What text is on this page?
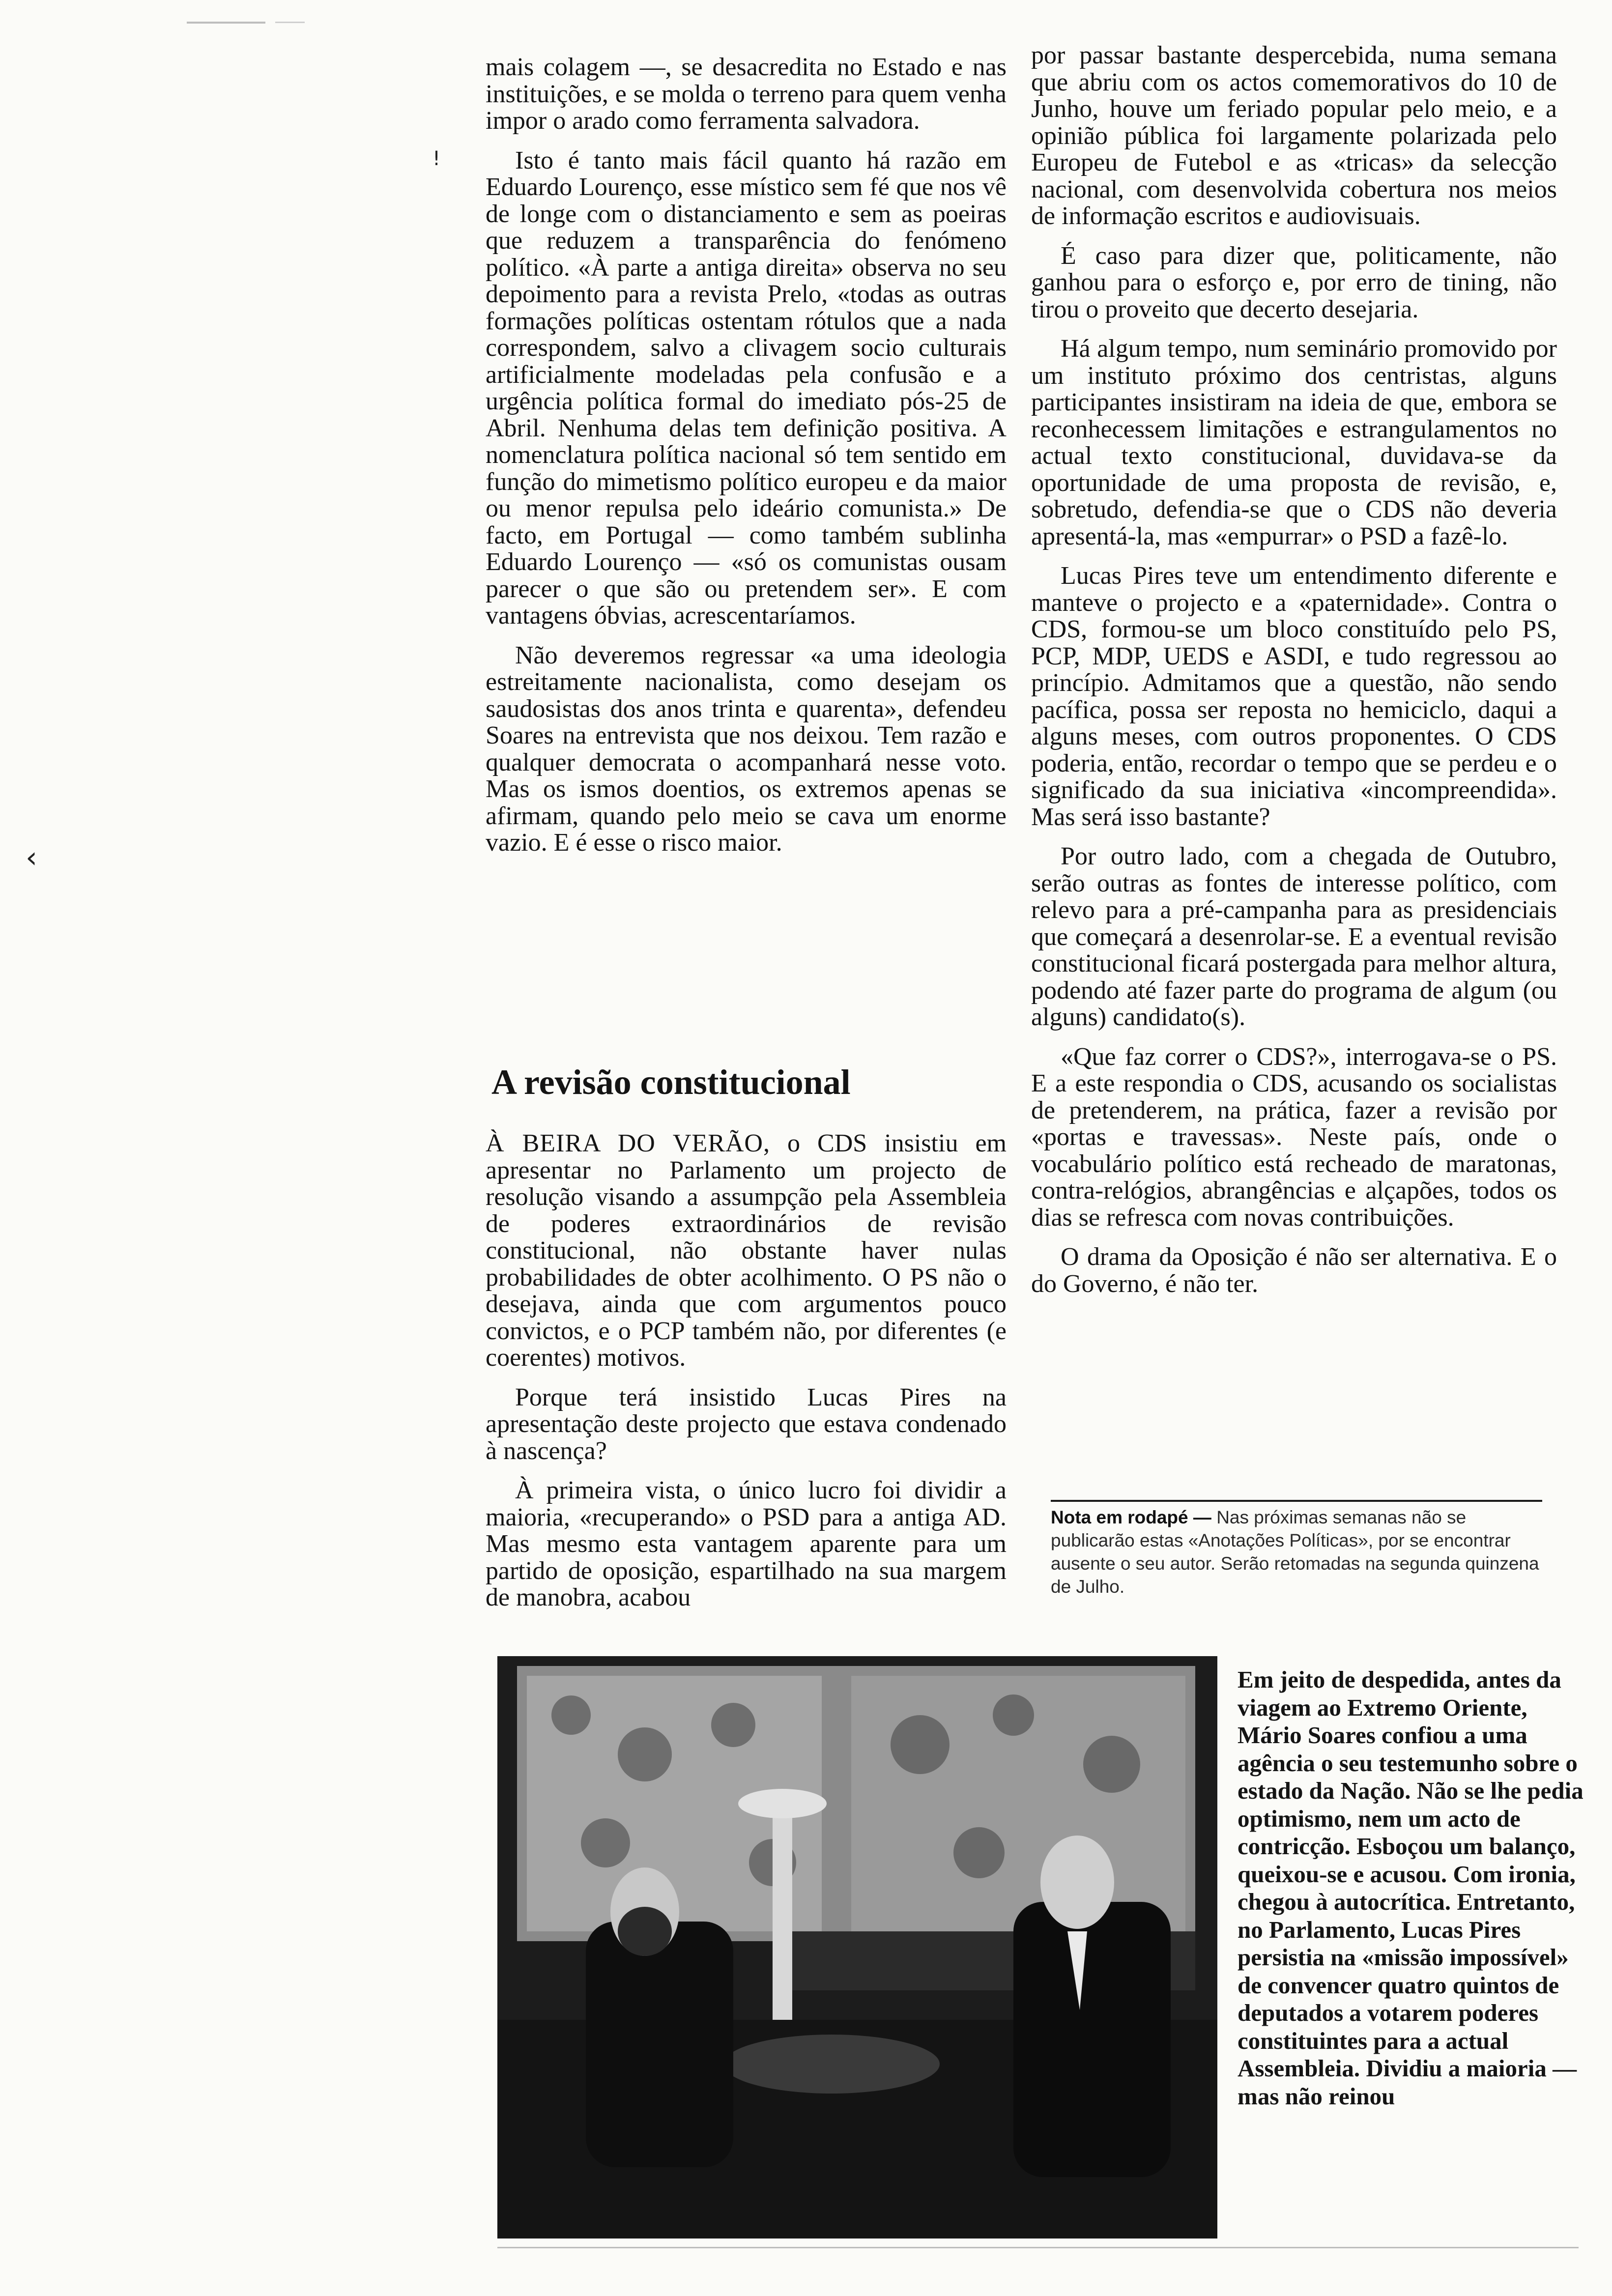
‹
!

mais colagem —, se desacredita no Estado e nas instituições, e se molda o terreno para quem venha impor o arado como ferramenta salvadora.

Isto é tanto mais fácil quanto há razão em Eduardo Lourenço, esse místico sem fé que nos vê de longe com o distanciamento e sem as poeiras que reduzem a transparência do fenómeno político. «À parte a antiga direita» observa no seu depoimento para a revista Prelo, «todas as outras formações políticas ostentam rótulos que a nada correspondem, salvo a clivagem socio culturais artificialmente modeladas pela confusão e a urgência política formal do imediato pós-25 de Abril. Nenhuma delas tem definição positiva. A nomenclatura política nacional só tem sentido em função do mimetismo político europeu e da maior ou menor repulsa pelo ideário comunista.» De facto, em Portugal — como também sublinha Eduardo Lourenço — «só os comunistas ousam parecer o que são ou pretendem ser». E com vantagens óbvias, acrescentaríamos.

Não deveremos regressar «a uma ideologia estreitamente nacionalista, como desejam os saudosistas dos anos trinta e quarenta», defendeu Soares na entrevista que nos deixou. Tem razão e qualquer democrata o acompanhará nesse voto. Mas os ismos doentios, os extremos apenas se afirmam, quando pelo meio se cava um enorme vazio. E é esse o risco maior.

A revisão constitucional

À BEIRA DO VERÃO, o CDS insistiu em apresentar no Parlamento um projecto de resolução visando a assumpção pela Assembleia de poderes extraordinários de revisão constitucional, não obstante haver nulas probabilidades de obter acolhimento. O PS não o desejava, ainda que com argumentos pouco convictos, e o PCP também não, por diferentes (e coerentes) motivos.

Porque terá insistido Lucas Pires na apresentação deste projecto que estava condenado à nascença?

À primeira vista, o único lucro foi dividir a maioria, «recuperando» o PSD para a antiga AD. Mas mesmo esta vantagem aparente para um partido de oposição, espartilhado na sua margem de manobra, acabou

por passar bastante despercebida, numa semana que abriu com os actos comemorativos do 10 de Junho, houve um feriado popular pelo meio, e a opinião pública foi largamente polarizada pelo Europeu de Futebol e as «tricas» da selecção nacional, com desenvolvida cobertura nos meios de informação escritos e audiovisuais.

É caso para dizer que, politicamente, não ganhou para o esforço e, por erro de tining, não tirou o proveito que decerto desejaria.

Há algum tempo, num seminário promovido por um instituto próximo dos centristas, alguns participantes insistiram na ideia de que, embora se reconhecessem limitações e estrangulamentos no actual texto constitucional, duvidava-se da oportunidade de uma proposta de revisão, e, sobretudo, defendia-se que o CDS não deveria apresentá-la, mas «empurrar» o PSD a fazê-lo.

Lucas Pires teve um entendimento diferente e manteve o projecto e a «paternidade». Contra o CDS, formou-se um bloco constituído pelo PS, PCP, MDP, UEDS e ASDI, e tudo regressou ao princípio. Admitamos que a questão, não sendo pacífica, possa ser reposta no hemiciclo, daqui a alguns meses, com outros proponentes. O CDS poderia, então, recordar o tempo que se perdeu e o significado da sua iniciativa «incompreendida». Mas será isso bastante?

Por outro lado, com a chegada de Outubro, serão outras as fontes de interesse político, com relevo para a pré-campanha para as presidenciais que começará a desenrolar-se. E a eventual revisão constitucional ficará postergada para melhor altura, podendo até fazer parte do programa de algum (ou alguns) candidato(s).

«Que faz correr o CDS?», interrogava-se o PS. E a este respondia o CDS, acusando os socialistas de pretenderem, na prática, fazer a revisão por «portas e travessas». Neste país, onde o vocabulário político está recheado de maratonas, contra-relógios, abrangências e alçapões, todos os dias se refresca com novas contribuições.

O drama da Oposição é não ser alternativa. E o do Governo, é não ter.

Nota em rodapé — Nas próximas semanas não se publicarão estas «Anotações Políticas», por se encontrar ausente o seu autor. Serão retomadas na segunda quinzena de Julho.

Em jeito de despedida, antes da viagem ao Extremo Oriente, Mário Soares confiou a uma agência o seu testemunho sobre o estado da Nação. Não se lhe pedia optimismo, nem um acto de contricção. Esboçou um balanço, queixou-se e acusou. Com ironia, chegou à autocrítica. Entretanto, no Parlamento, Lucas Pires persistia na «missão impossível» de convencer quatro quintos de deputados a votarem poderes constituintes para a actual Assembleia. Dividiu a maioria — mas não reinou
